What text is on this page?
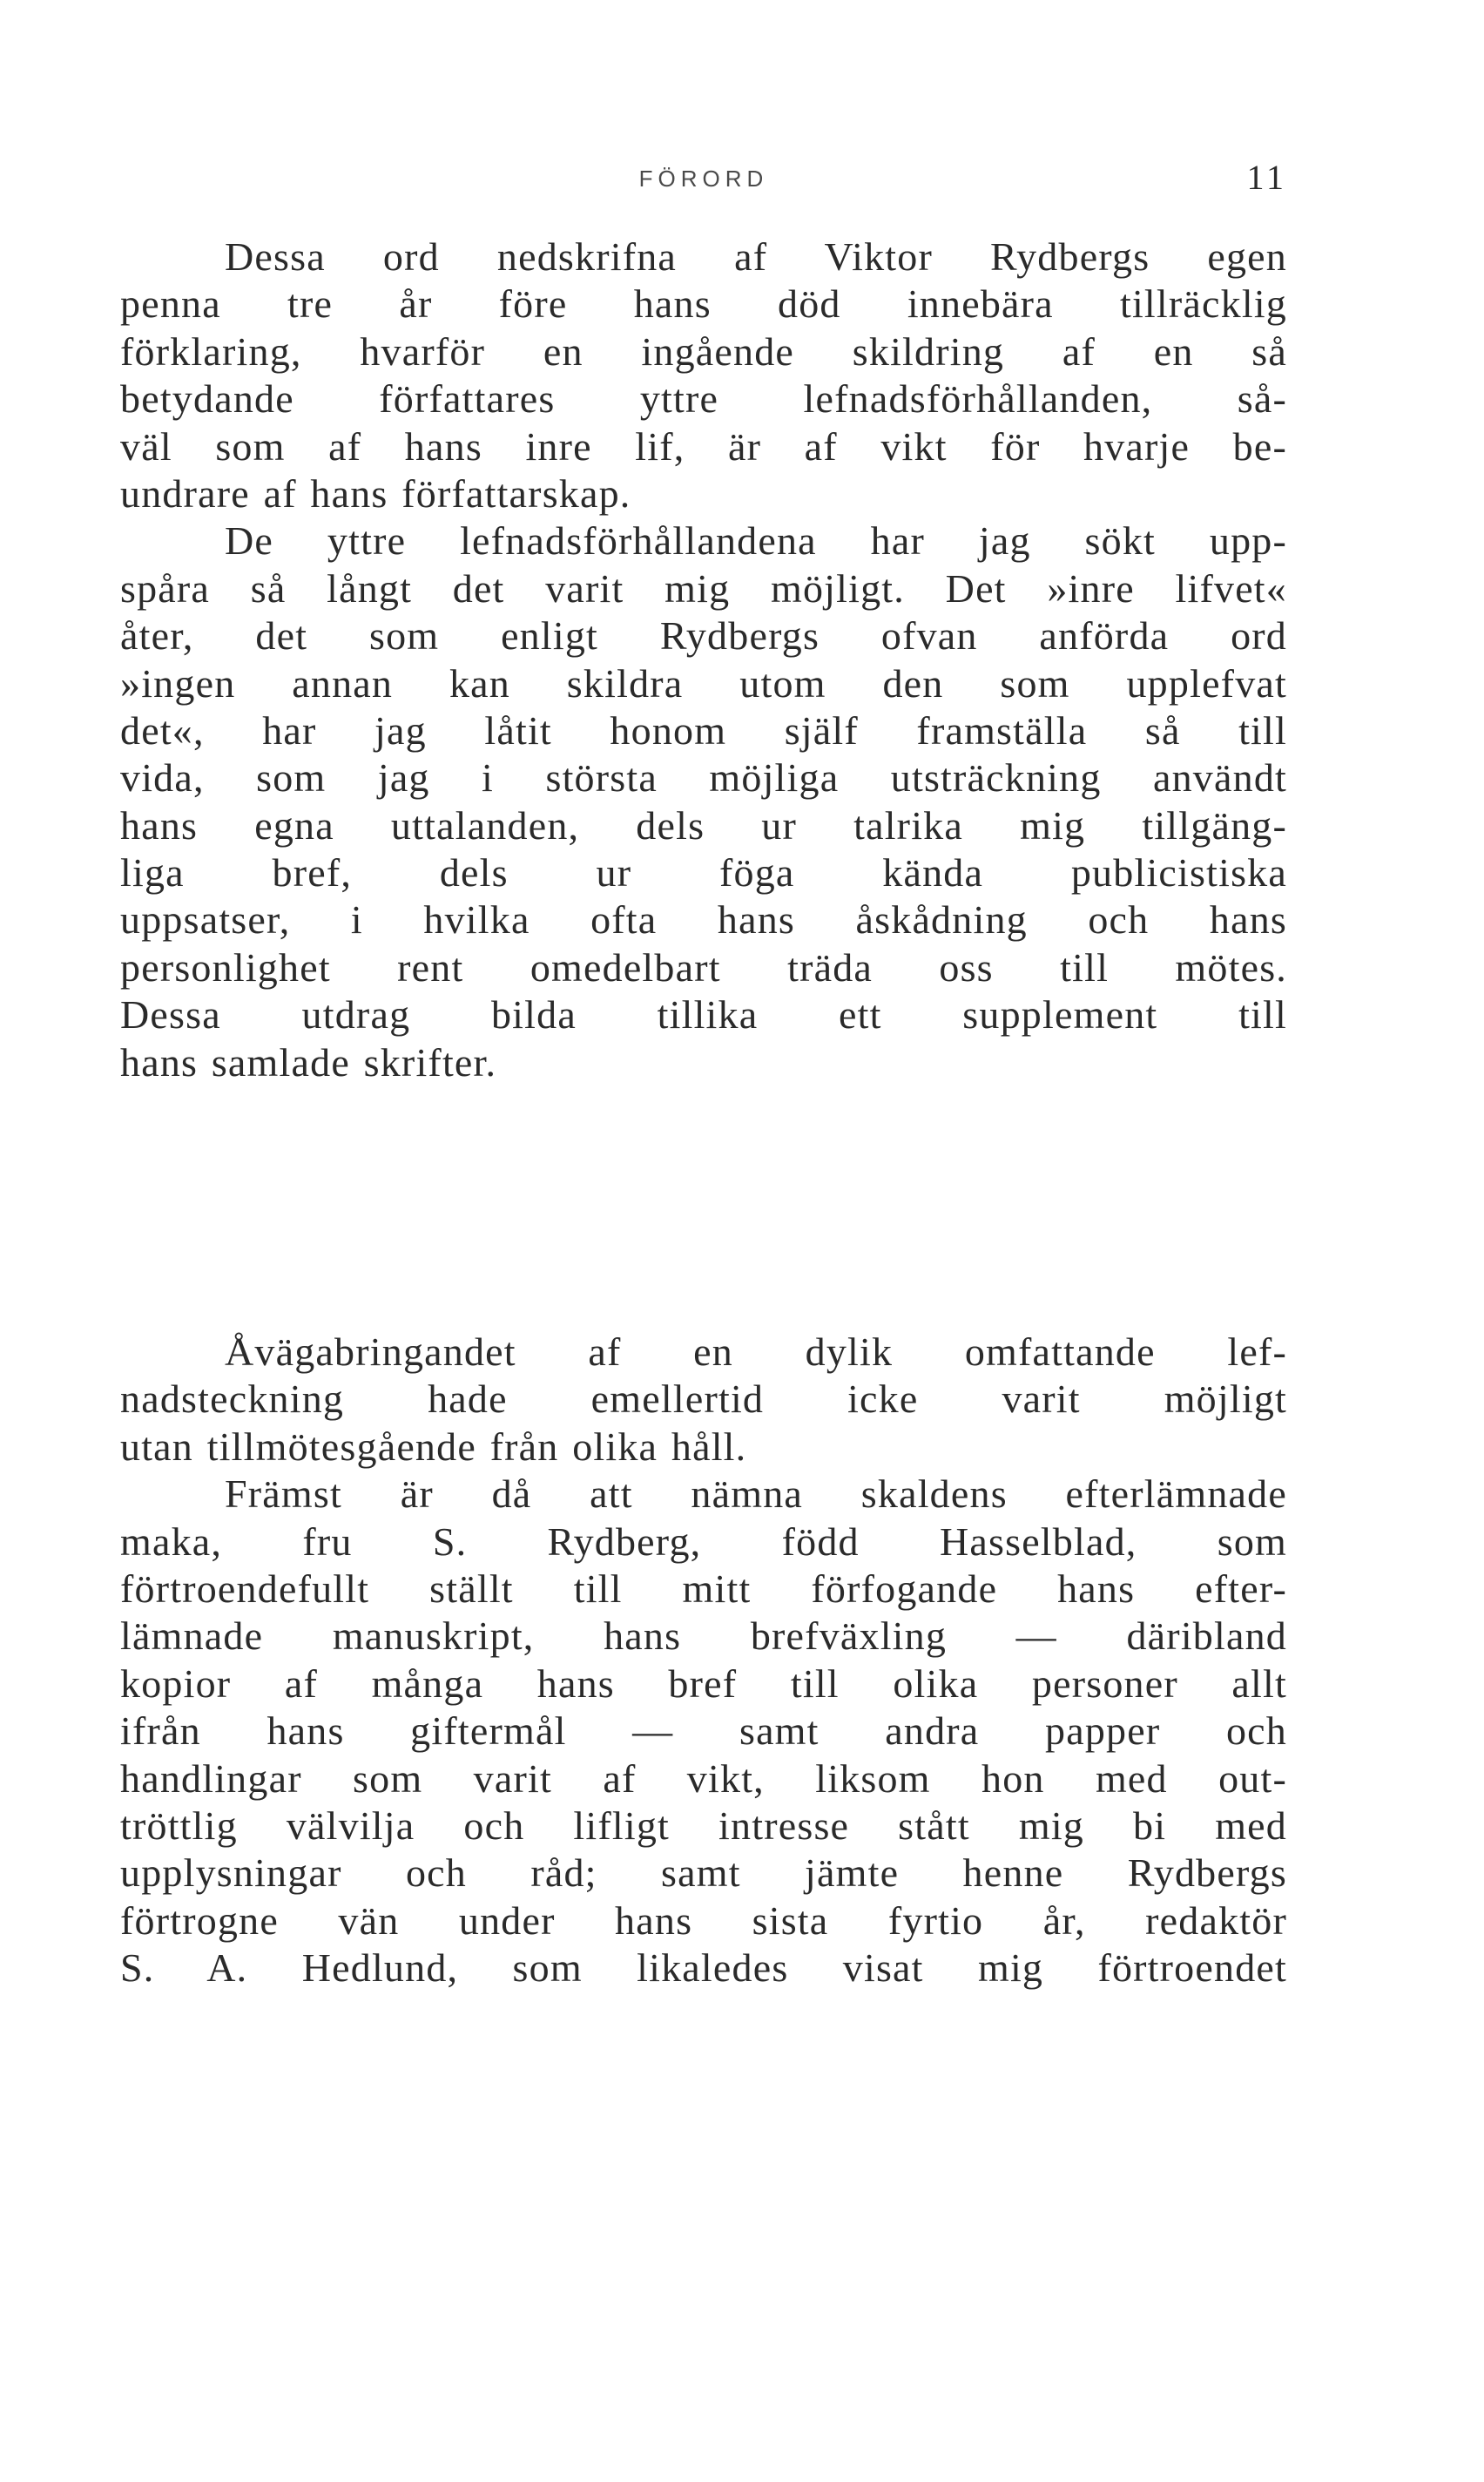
FÖRORD	11
Dessa ord nedskrifna af Viktor Rydbergs egen
penna tre år före hans död innebära tillräcklig
förklaring, hvarför en ingående skildring af en så
betydande författares yttre lefnadsförhållanden, så-
väl som af hans inre lif, är af vikt för hvarje be-
undrare af hans författarskap.
De yttre lefnadsförhållandena har jag sökt upp-
spåra så långt det varit mig möjligt. Det »inre lifvet«
åter, det som enligt Rydbergs ofvan anförda ord
»ingen annan kan skildra utom den som upplefvat
det«, har jag låtit honom själf framställa så till
vida, som jag i största möjliga utsträckning användt
hans egna uttalanden, dels ur talrika mig tillgäng-
liga bref, dels ur föga kända publicistiska
uppsatser, i hvilka ofta hans åskådning och hans
personlighet rent omedelbart träda oss till mötes.
Dessa utdrag bilda tillika ett supplement till
hans samlade skrifter.
Åvägabringandet af en dylik omfattande lef-
nadsteckning hade emellertid icke varit möjligt
utan tillmötesgående från olika håll.
Främst är då att nämna skaldens efterlämnade
maka, fru S. Rydberg, född Hasselblad, som
förtroendefullt ställt till mitt förfogande hans efter-
lämnade manuskript, hans brefväxling — däribland
kopior af många hans bref till olika personer allt
ifrån hans giftermål — samt andra papper och
handlingar som varit af vikt, liksom hon med out-
tröttlig välvilja och lifligt intresse stått mig bi med
upplysningar och råd; samt jämte henne Rydbergs
förtrogne vän under hans sista fyrtio år, redaktör
S. A. Hedlund, som likaledes visat mig förtroendet
